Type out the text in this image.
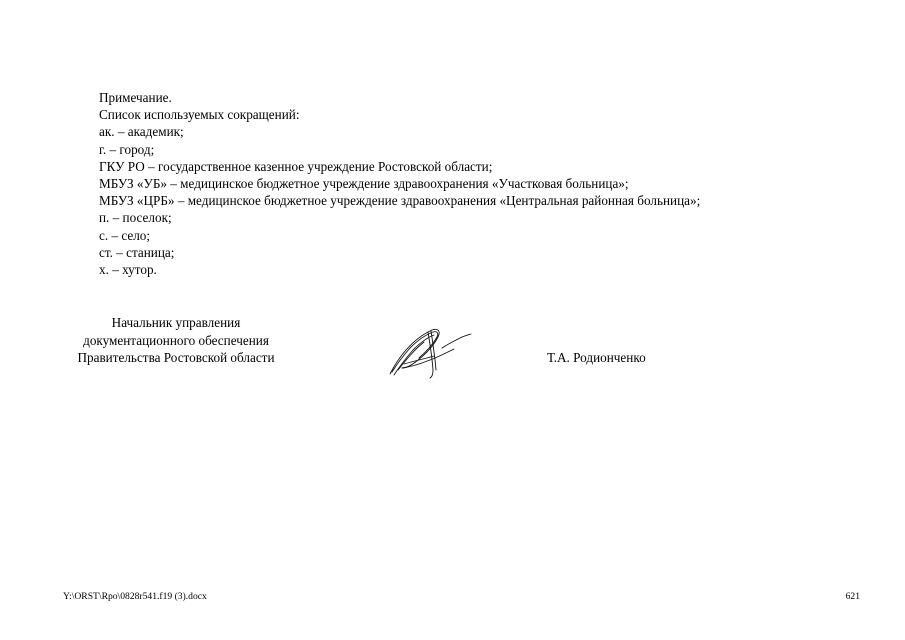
Примечание.
Список используемых сокращений:
ак. – академик;
г. – город;
ГКУ РО – государственное казенное учреждение Ростовской области;
МБУЗ «УБ» – медицинское бюджетное учреждение здравоохранения «Участковая больница»;
МБУЗ «ЦРБ» – медицинское бюджетное учреждение здравоохранения «Центральная районная больница»;
п. – поселок;
с. – село;
ст. – станица;
х. – хутор.
Начальник управления
документационного обеспечения
Правительства Ростовской области	Т.А. Родионченко
Y:\ORST\Rpo\0828r541.f19 (3).docx	621
